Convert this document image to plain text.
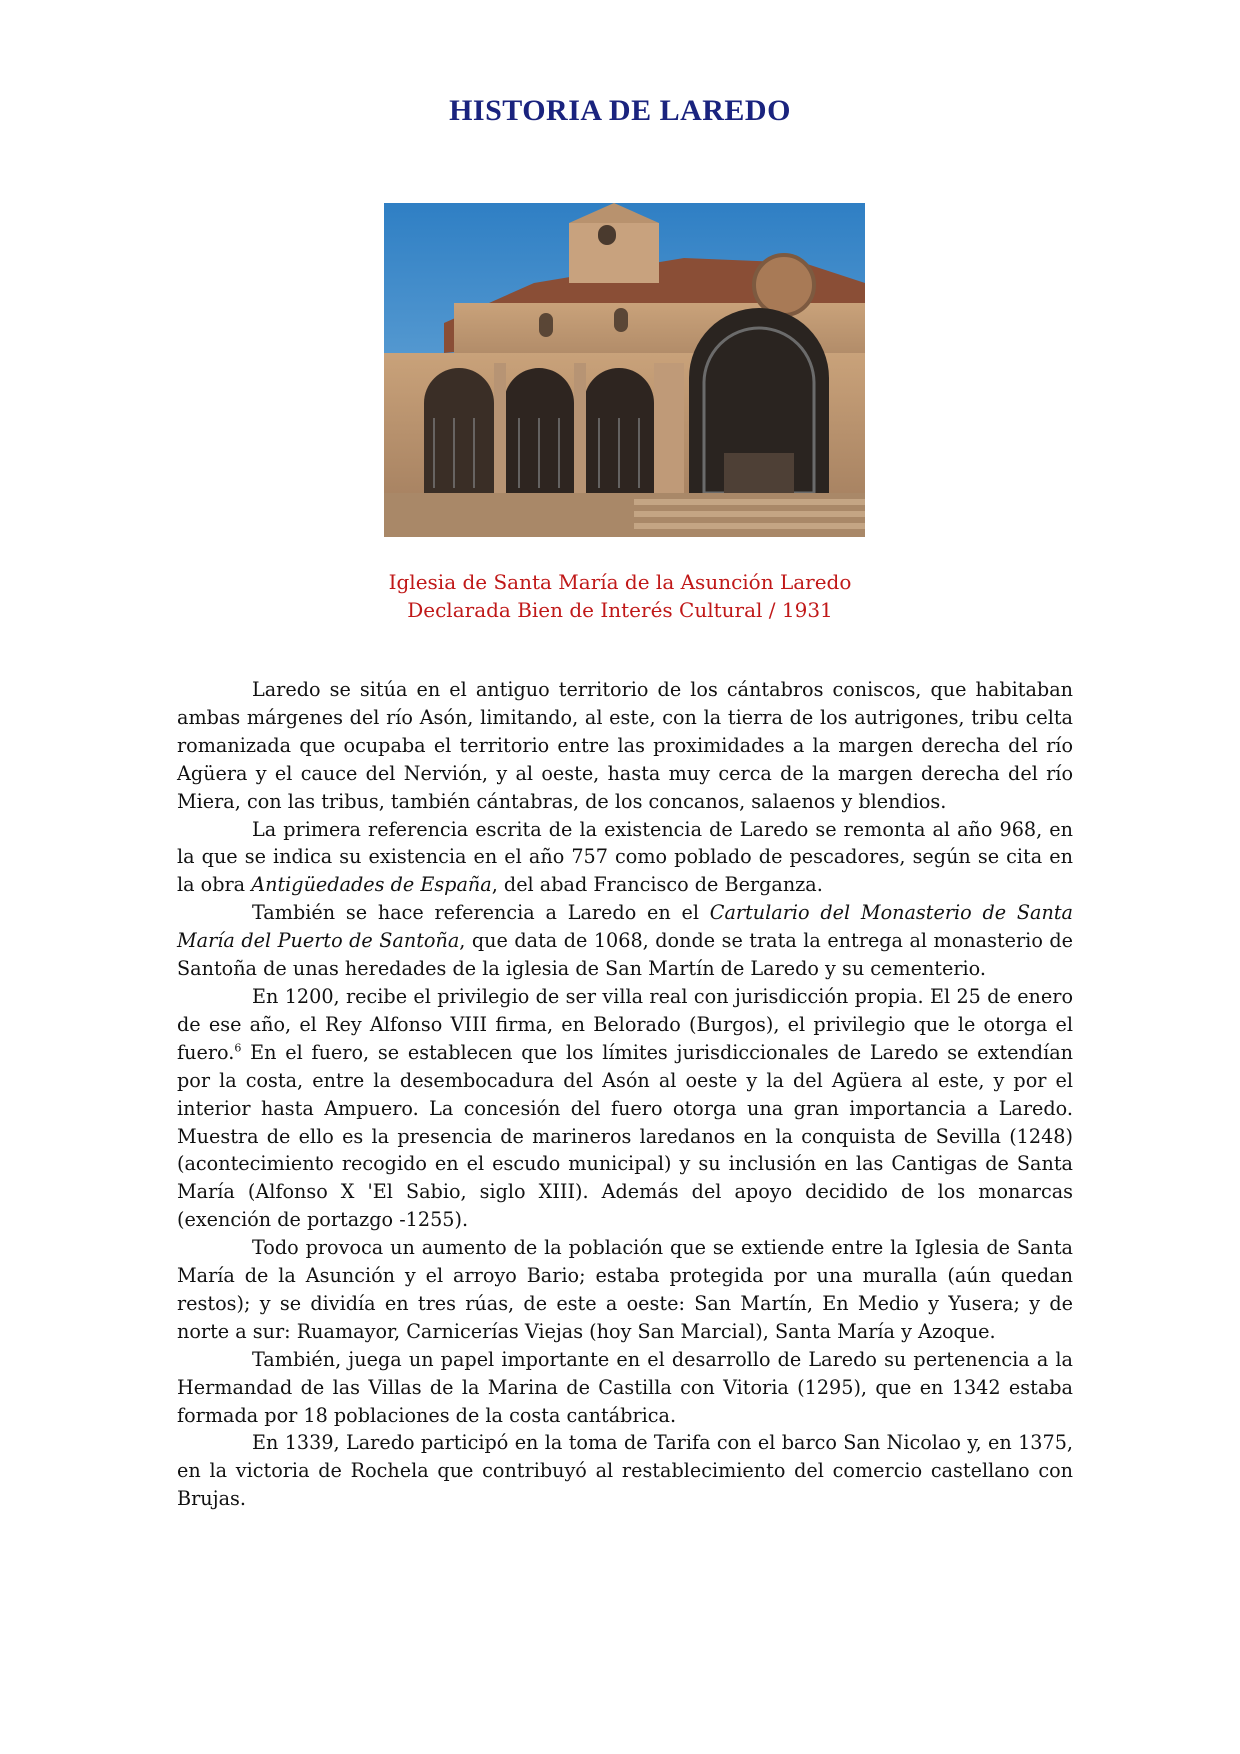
HISTORIA DE LAREDO
Iglesia de Santa María de la Asunción Laredo
Declarada Bien de Interés Cultural / 1931

Laredo se sitúa en el antiguo territorio de los cántabros coniscos, que habitaban ambas márgenes del río Asón, limitando, al este, con la tierra de los autrigones, tribu celta romanizada que ocupaba el territorio entre las proximidades a la margen derecha del río Agüera y el cauce del Nervión, y al oeste, hasta muy cerca de la margen derecha del río Miera, con las tribus, también cántabras, de los concanos, salaenos y blendios.

La primera referencia escrita de la existencia de Laredo se remonta al año 968, en la que se indica su existencia en el año 757 como poblado de pescadores, según se cita en la obra Antigüedades de España, del abad Francisco de Berganza.

También se hace referencia a Laredo en el Cartulario del Monasterio de Santa María del Puerto de Santoña, que data de 1068, donde se trata la entrega al monasterio de Santoña de unas heredades de la iglesia de San Martín de Laredo y su cementerio.

En 1200, recibe el privilegio de ser villa real con jurisdicción propia. El 25 de enero de ese año, el Rey Alfonso VIII firma, en Belorado (Burgos), el privilegio que le otorga el fuero.$^6$ En el fuero, se establecen que los límites jurisdiccionales de Laredo se extendían por la costa, entre la desembocadura del Asón al oeste y la del Agüera al este, y por el interior hasta Ampuero. La concesión del fuero otorga una gran importancia a Laredo. Muestra de ello es la presencia de marineros laredanos en la conquista de Sevilla (1248) (acontecimiento recogido en el escudo municipal) y su inclusión en las Cantigas de Santa María (Alfonso X 'El Sabio, siglo XIII). Además del apoyo decidido de los monarcas (exención de portazgo -1255).

Todo provoca un aumento de la población que se extiende entre la Iglesia de Santa María de la Asunción y el arroyo Bario; estaba protegida por una muralla (aún quedan restos); y se dividía en tres rúas, de este a oeste: San Martín, En Medio y Yusera; y de norte a sur: Ruamayor, Carnicerías Viejas (hoy San Marcial), Santa María y Azoque.

También, juega un papel importante en el desarrollo de Laredo su pertenencia a la Hermandad de las Villas de la Marina de Castilla con Vitoria (1295), que en 1342 estaba formada por 18 poblaciones de la costa cantábrica.

En 1339, Laredo participó en la toma de Tarifa con el barco San Nicolao y, en 1375, en la victoria de Rochela que contribuyó al restablecimiento del comercio castellano con Brujas.
